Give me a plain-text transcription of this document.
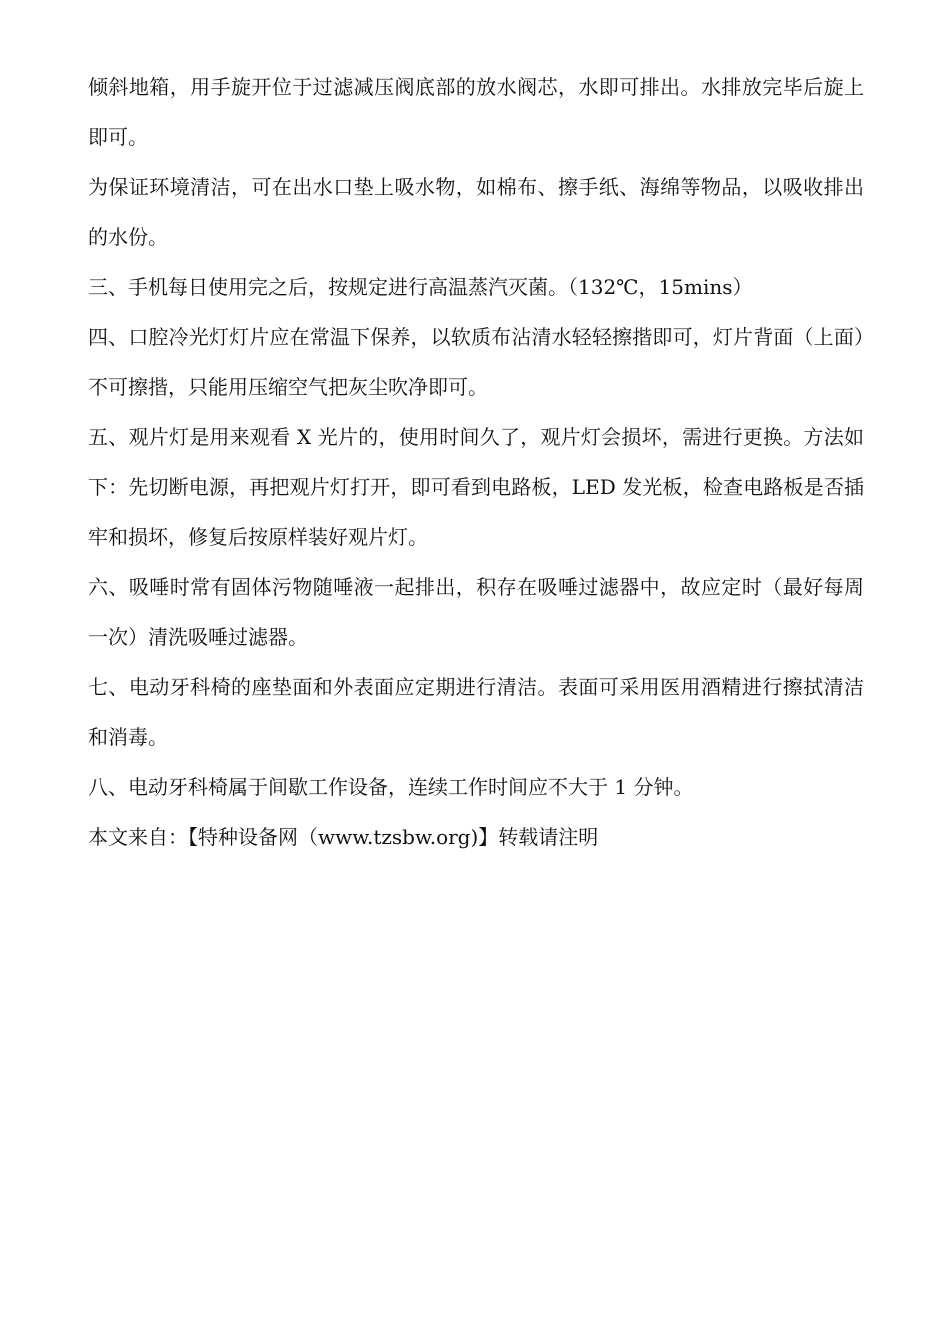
倾斜地箱，用手旋开位于过滤减压阀底部的放水阀芯，水即可排出。水排放完毕后旋上即可。

为保证环境清洁，可在出水口垫上吸水物，如棉布、擦手纸、海绵等物品，以吸收排出的水份。

三、手机每日使用完之后，按规定进行高温蒸汽灭菌。（132℃，15mins）

四、口腔冷光灯灯片应在常温下保养，以软质布沾清水轻轻擦揩即可，灯片背面（上面）不可擦揩，只能用压缩空气把灰尘吹净即可。

五、观片灯是用来观看 X 光片的，使用时间久了，观片灯会损坏，需进行更换。方法如下：先切断电源，再把观片灯打开，即可看到电路板，LED 发光板，检查电路板是否插牢和损坏，修复后按原样装好观片灯。

六、吸唾时常有固体污物随唾液一起排出，积存在吸唾过滤器中，故应定时（最好每周一次）清洗吸唾过滤器。

七、电动牙科椅的座垫面和外表面应定期进行清洁。表面可采用医用酒精进行擦拭清洁和消毒。

八、电动牙科椅属于间歇工作设备，连续工作时间应不大于 1 分钟。

本文来自：【特种设备网（www.tzsbw.org)】转载请注明
